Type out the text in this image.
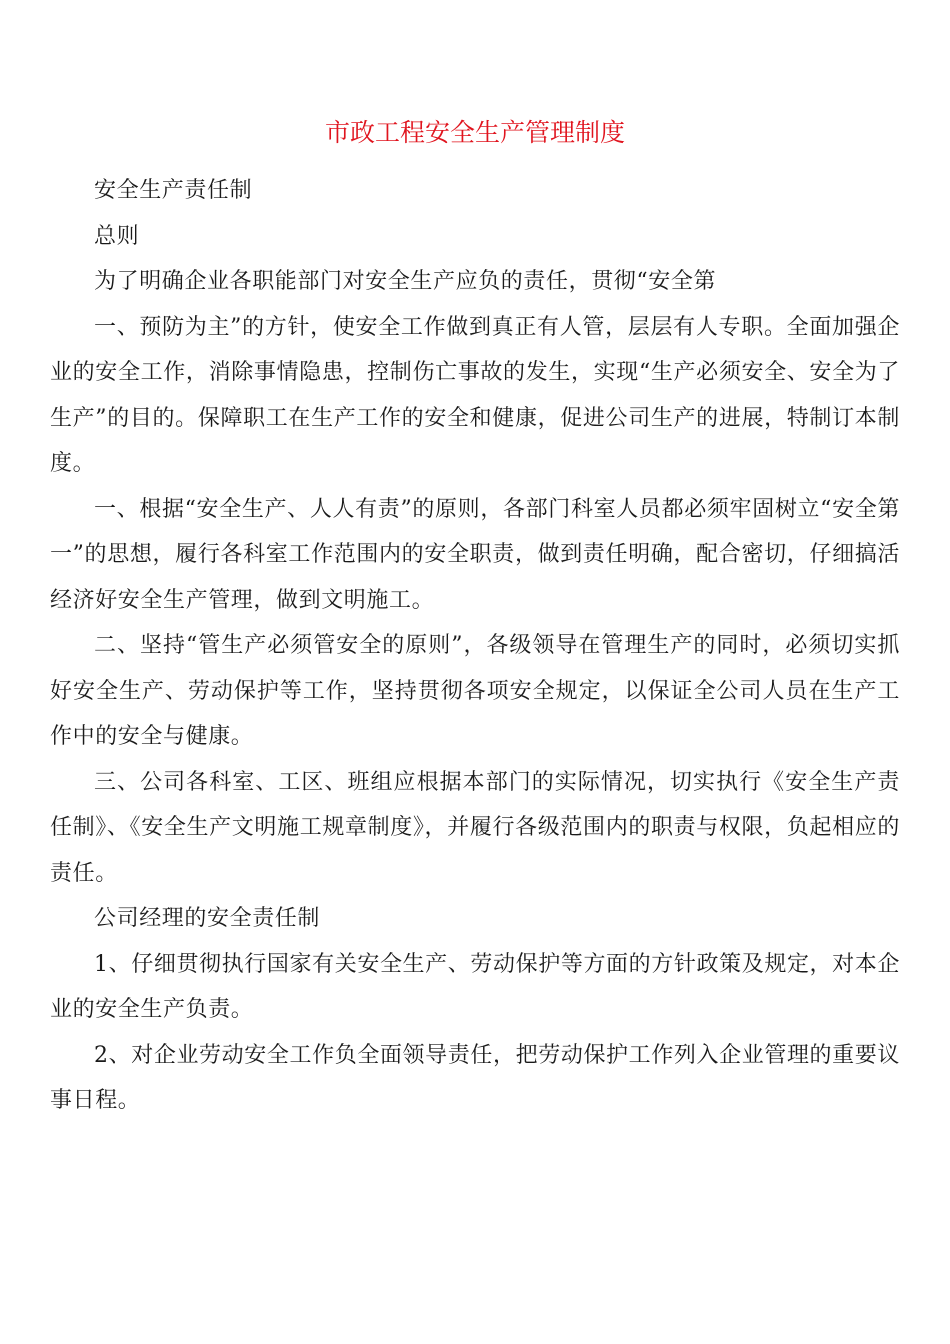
市政工程安全生产管理制度

安全生产责任制

总则

为了明确企业各职能部门对安全生产应负的责任，贯彻“安全第

一、预防为主”的方针，使安全工作做到真正有人管，层层有人专职。全面加强企业的安全工作，消除事情隐患，控制伤亡事故的发生，实现“生产必须安全、安全为了生产”的目的。保障职工在生产工作的安全和健康，促进公司生产的进展，特制订本制度。

一、根据“安全生产、人人有责”的原则，各部门科室人员都必须牢固树立“安全第一”的思想，履行各科室工作范围内的安全职责，做到责任明确，配合密切，仔细搞活经济好安全生产管理，做到文明施工。

二、坚持“管生产必须管安全的原则”，各级领导在管理生产的同时，必须切实抓好安全生产、劳动保护等工作，坚持贯彻各项安全规定，以保证全公司人员在生产工作中的安全与健康。

三、公司各科室、工区、班组应根据本部门的实际情况，切实执行《安全生产责任制》、《安全生产文明施工规章制度》，并履行各级范围内的职责与权限，负起相应的责任。

公司经理的安全责任制

1、仔细贯彻执行国家有关安全生产、劳动保护等方面的方针政策及规定，对本企业的安全生产负责。

2、对企业劳动安全工作负全面领导责任，把劳动保护工作列入企业管理的重要议事日程。
